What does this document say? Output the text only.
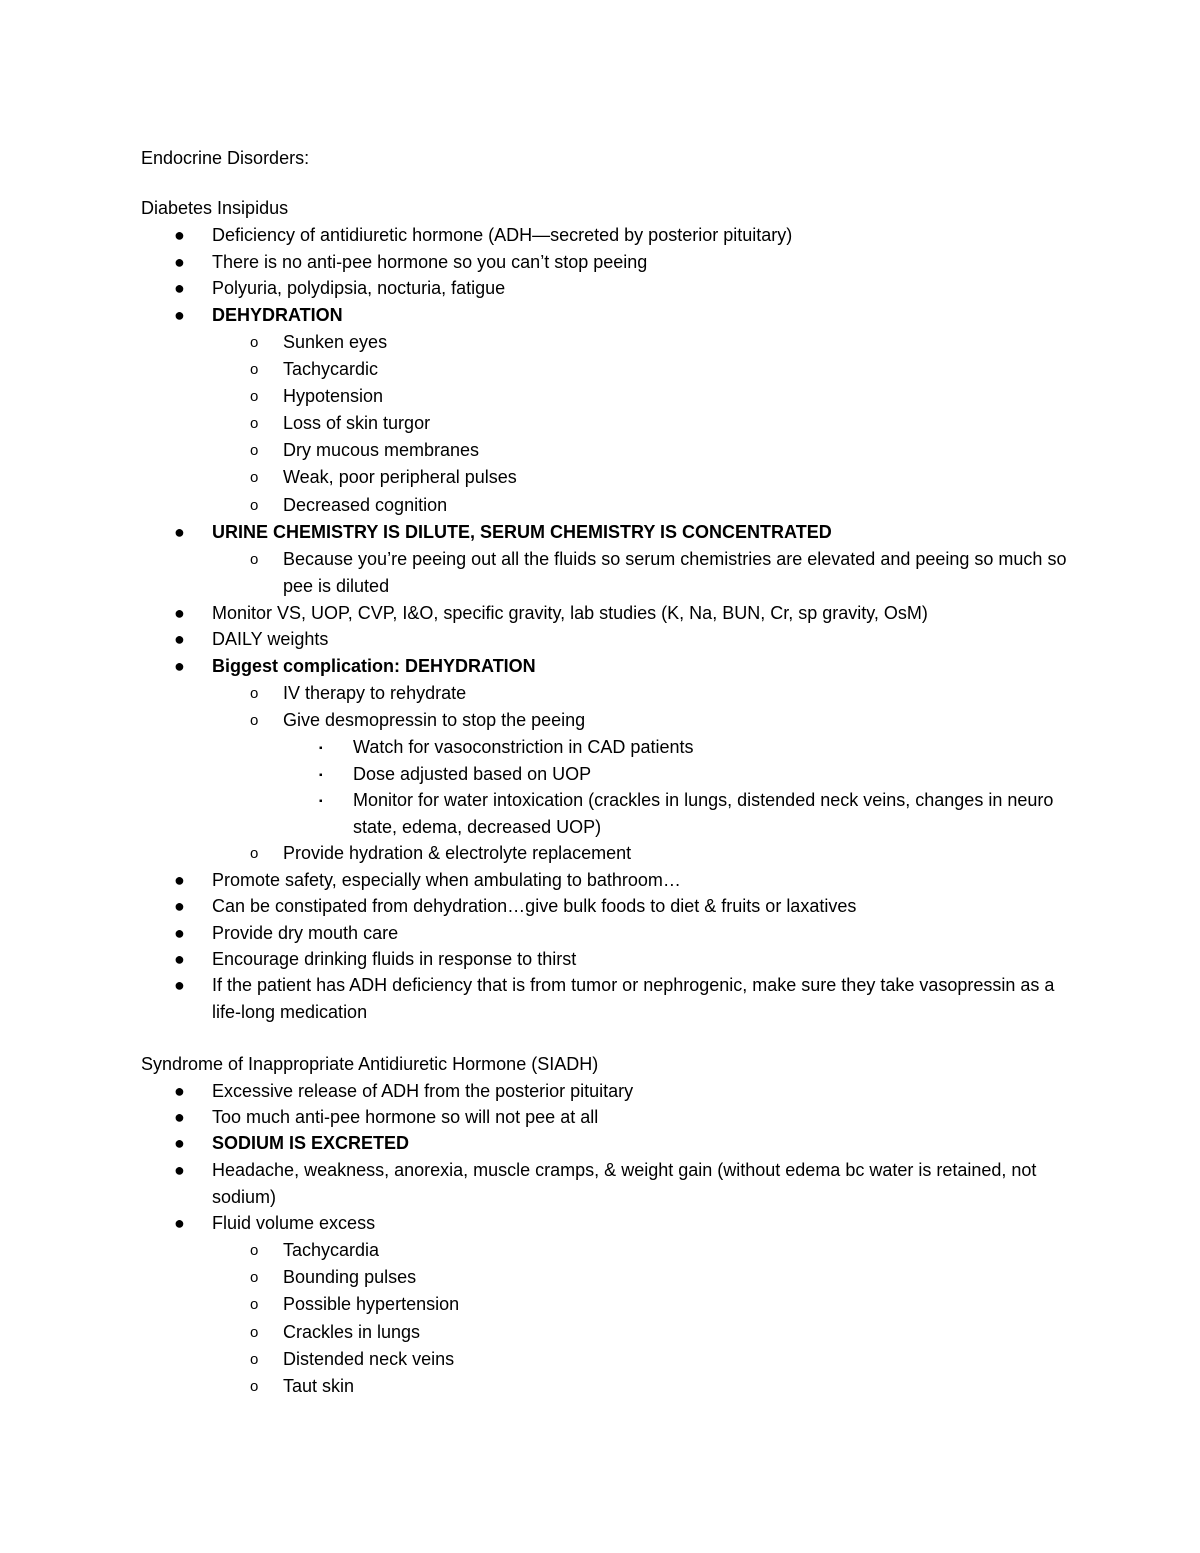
Endocrine Disorders:
Diabetes Insipidus
● Deficiency of antidiuretic hormone (ADH—secreted by posterior pituitary)
● There is no anti-pee hormone so you can’t stop peeing
● Polyuria, polydipsia, nocturia, fatigue
● DEHYDRATION
o Sunken eyes
o Tachycardic
o Hypotension
o Loss of skin turgor
o Dry mucous membranes
o Weak, poor peripheral pulses
o Decreased cognition
● URINE CHEMISTRY IS DILUTE, SERUM CHEMISTRY IS CONCENTRATED
o Because you’re peeing out all the fluids so serum chemistries are elevated and peeing so much so pee is diluted
● Monitor VS, UOP, CVP, I&O, specific gravity, lab studies (K, Na, BUN, Cr, sp gravity, OsM)
● DAILY weights
● Biggest complication: DEHYDRATION
o IV therapy to rehydrate
o Give desmopressin to stop the peeing
▪ Watch for vasoconstriction in CAD patients
▪ Dose adjusted based on UOP
▪ Monitor for water intoxication (crackles in lungs, distended neck veins, changes in neuro state, edema, decreased UOP)
o Provide hydration & electrolyte replacement
● Promote safety, especially when ambulating to bathroom…
● Can be constipated from dehydration…give bulk foods to diet & fruits or laxatives
● Provide dry mouth care
● Encourage drinking fluids in response to thirst
● If the patient has ADH deficiency that is from tumor or nephrogenic, make sure they take vasopressin as a life-long medication
Syndrome of Inappropriate Antidiuretic Hormone (SIADH)
● Excessive release of ADH from the posterior pituitary
● Too much anti-pee hormone so will not pee at all
● SODIUM IS EXCRETED
● Headache, weakness, anorexia, muscle cramps, & weight gain (without edema bc water is retained, not sodium)
● Fluid volume excess
o Tachycardia
o Bounding pulses
o Possible hypertension
o Crackles in lungs
o Distended neck veins
o Taut skin
